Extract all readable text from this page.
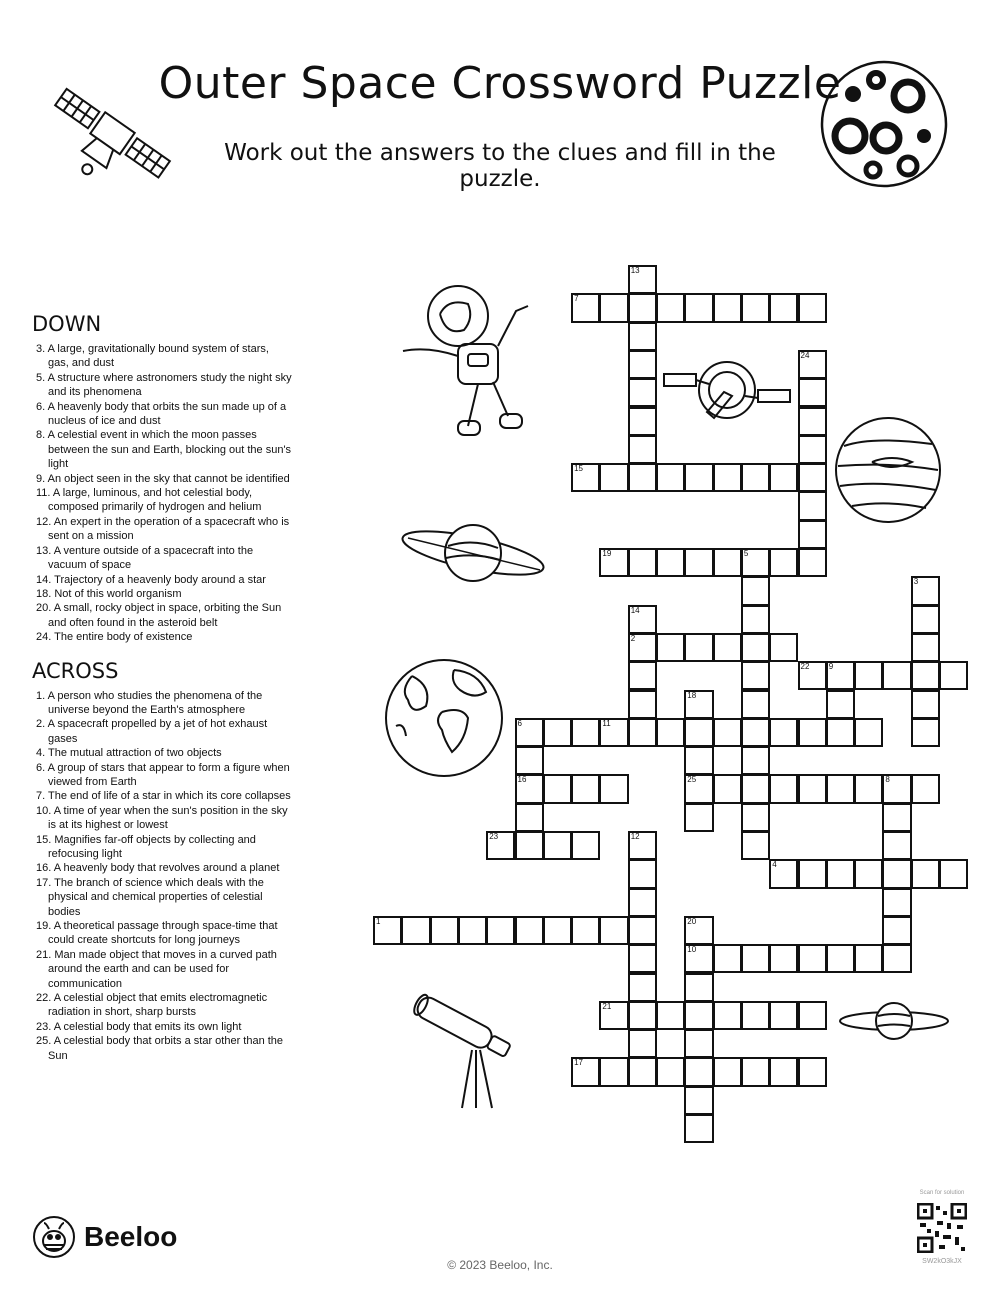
Outer Space Crossword Puzzle
Work out the answers to the clues and fill in the puzzle.
DOWN
3. A large, gravitationally bound system of stars, gas, and dust
5. A structure where astronomers study the night sky and its phenomena
6. A heavenly body that orbits the sun made up of a nucleus of ice and dust
8. A celestial event in which the moon passes between the sun and Earth, blocking out the sun's light
9. An object seen in the sky that cannot be identified
11. A large, luminous, and hot celestial body, composed primarily of hydrogen and helium
12. An expert in the operation of a spacecraft who is sent on a mission
13. A venture outside of a spacecraft into the vacuum of space
14. Trajectory of a heavenly body around a star
18. Not of this world organism
20. A small, rocky object in space, orbiting the Sun and often found in the asteroid belt
24. The entire body of existence
ACROSS
1. A person who studies the phenomena of the universe beyond the Earth's atmosphere
2. A spacecraft propelled by a jet of hot exhaust gases
4. The mutual attraction of two objects
6. A group of stars that appear to form a figure when viewed from Earth
7. The end of life of a star in which its core collapses
10. A time of year when the sun's position in the sky is at its highest or lowest
15. Magnifies far-off objects by collecting and refocusing light
16. A heavenly body that revolves around a planet
17. The branch of science which deals with the physical and chemical properties of celestial bodies
19. A theoretical passage through space-time that could create shortcuts for long journeys
21. Man made object that moves in a curved path around the earth and can be used for communication
22. A celestial object that emits electromagnetic radiation in short, sharp bursts
23. A celestial body that emits its own light
25. A celestial body that orbits a star other than the Sun
7
15
19	5
2
22 9
6	11
16	25	8
23
4
1
10
21
17
13
24
3
14
18
12
20
Beeloo
© 2023 Beeloo, Inc.
Scan for solution
SW2kO3kJX
